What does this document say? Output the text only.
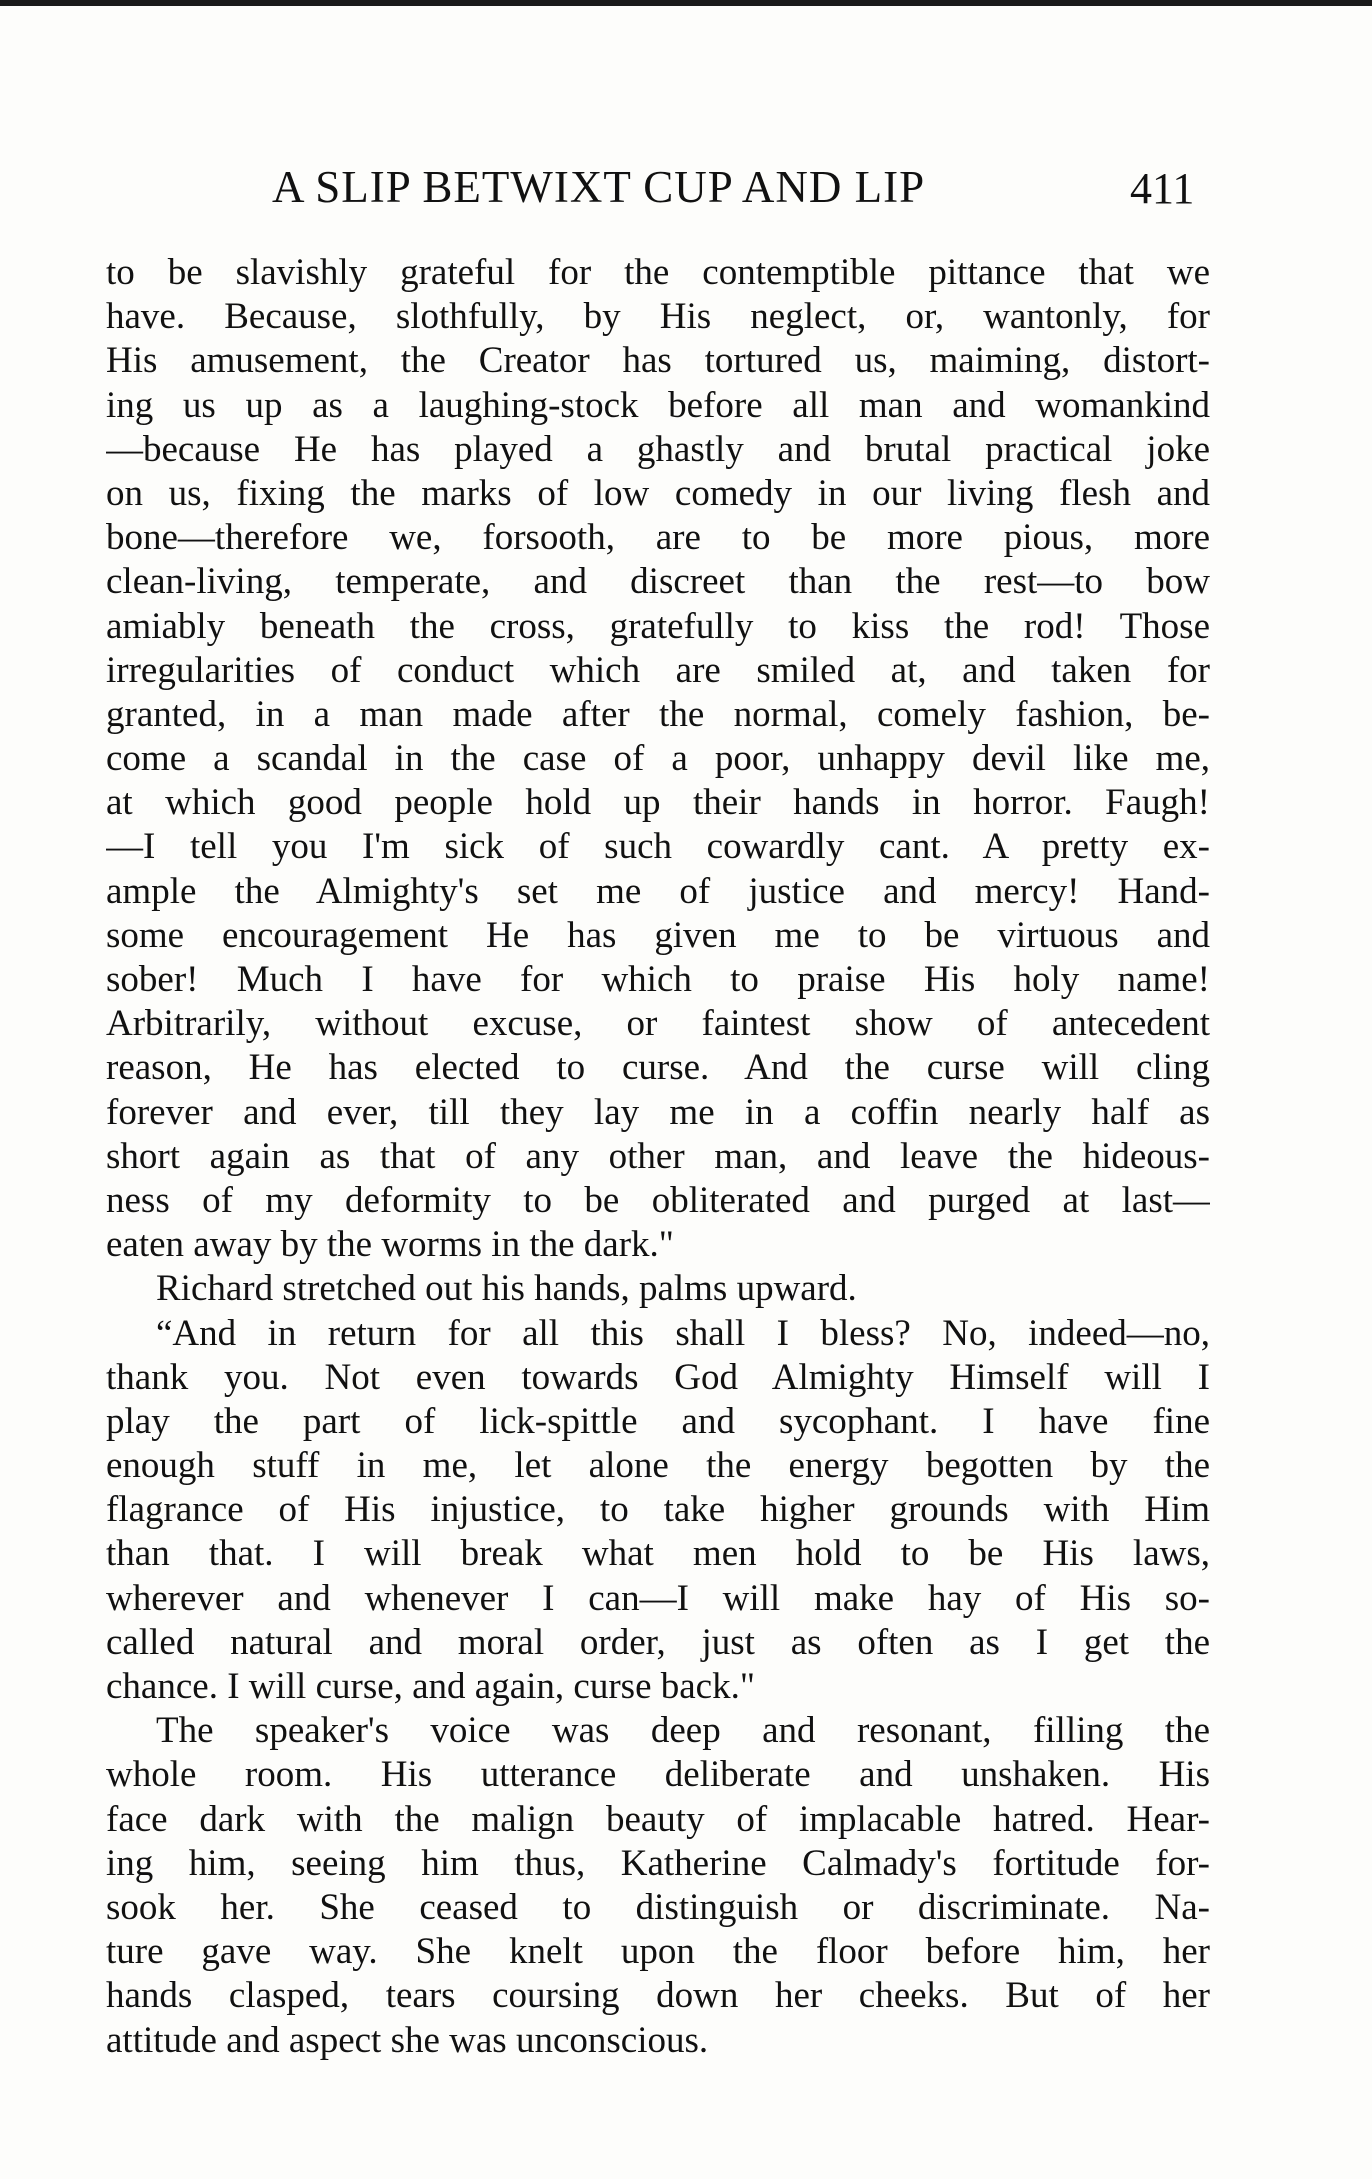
A SLIP BETWIXT CUP AND LIP	411
to be slavishly grateful for the contemptible pittance that we
have. Because, slothfully, by His neglect, or, wantonly, for
His amusement, the Creator has tortured us, maiming, distort-
ing us up as a laughing-stock before all man and womankind
—because He has played a ghastly and brutal practical joke
on us, fixing the marks of low comedy in our living flesh and
bone—therefore we, forsooth, are to be more pious, more
clean-living, temperate, and discreet than the rest—to bow
amiably beneath the cross, gratefully to kiss the rod! Those
irregularities of conduct which are smiled at, and taken for
granted, in a man made after the normal, comely fashion, be-
come a scandal in the case of a poor, unhappy devil like me,
at which good people hold up their hands in horror. Faugh!
—I tell you I'm sick of such cowardly cant. A pretty ex-
ample the Almighty's set me of justice and mercy! Hand-
some encouragement He has given me to be virtuous and
sober! Much I have for which to praise His holy name!
Arbitrarily, without excuse, or faintest show of antecedent
reason, He has elected to curse. And the curse will cling
forever and ever, till they lay me in a coffin nearly half as
short again as that of any other man, and leave the hideous-
ness of my deformity to be obliterated and purged at last—
eaten away by the worms in the dark."
Richard stretched out his hands, palms upward.
“And in return for all this shall I bless? No, indeed—no,
thank you. Not even towards God Almighty Himself will I
play the part of lick-spittle and sycophant. I have fine
enough stuff in me, let alone the energy begotten by the
flagrance of His injustice, to take higher grounds with Him
than that. I will break what men hold to be His laws,
wherever and whenever I can—I will make hay of His so-
called natural and moral order, just as often as I get the
chance. I will curse, and again, curse back."
The speaker's voice was deep and resonant, filling the
whole room. His utterance deliberate and unshaken. His
face dark with the malign beauty of implacable hatred. Hear-
ing him, seeing him thus, Katherine Calmady's fortitude for-
sook her. She ceased to distinguish or discriminate. Na-
ture gave way. She knelt upon the floor before him, her
hands clasped, tears coursing down her cheeks. But of her
attitude and aspect she was unconscious.
